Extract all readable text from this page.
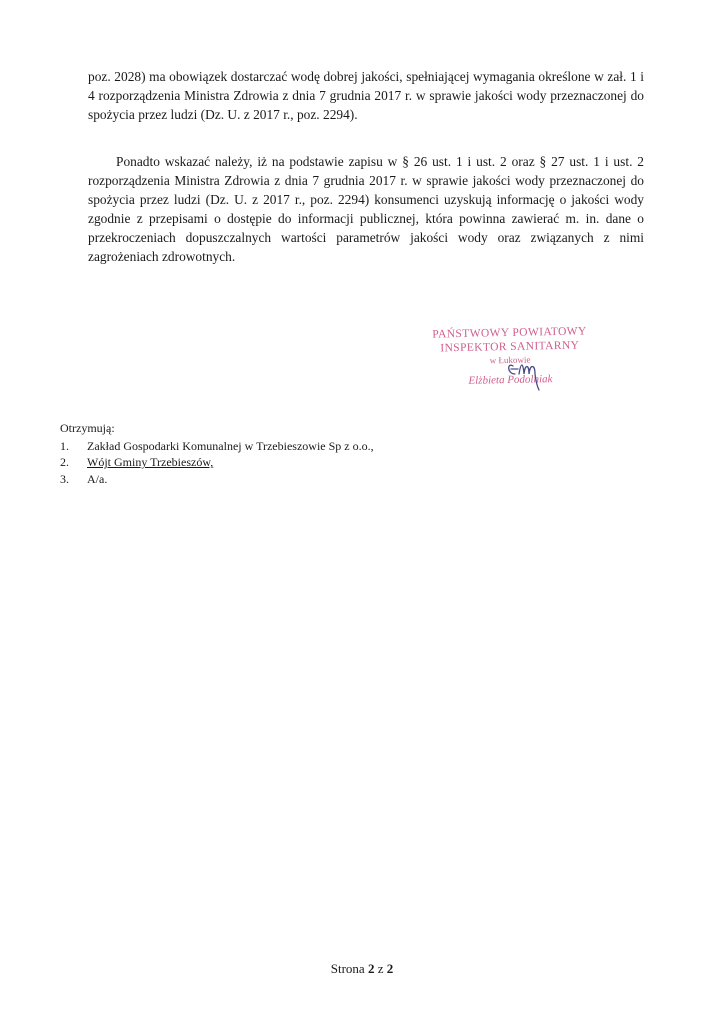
poz. 2028) ma obowiązek dostarczać wodę dobrej jakości, spełniającej wymagania określone w zał. 1 i 4 rozporządzenia Ministra Zdrowia z dnia 7 grudnia 2017 r. w sprawie jakości wody przeznaczonej do spożycia przez ludzi (Dz. U. z 2017 r., poz. 2294).

Ponadto wskazać należy, iż na podstawie zapisu w § 26 ust. 1 i ust. 2 oraz § 27 ust. 1 i ust. 2 rozporządzenia Ministra Zdrowia z dnia 7 grudnia 2017 r. w sprawie jakości wody przeznaczonej do spożycia przez ludzi (Dz. U. z 2017 r., poz. 2294) konsumenci uzyskują informację o jakości wody zgodnie z przepisami o dostępie do informacji publicznej, która powinna zawierać m. in. dane o przekroczeniach dopuszczalnych wartości parametrów jakości wody oraz związanych z nimi zagrożeniach zdrowotnych.

PAŃSTWOWY POWIATOWY
INSPEKTOR SANITARNY
w Łukowie
Elżbieta Podolniak
Otrzymują:
1. Zakład Gospodarki Komunalnej w Trzebieszowie Sp z o.o.,
2. Wójt Gminy Trzebieszów,
3. A/a.
Strona 2 z 2
